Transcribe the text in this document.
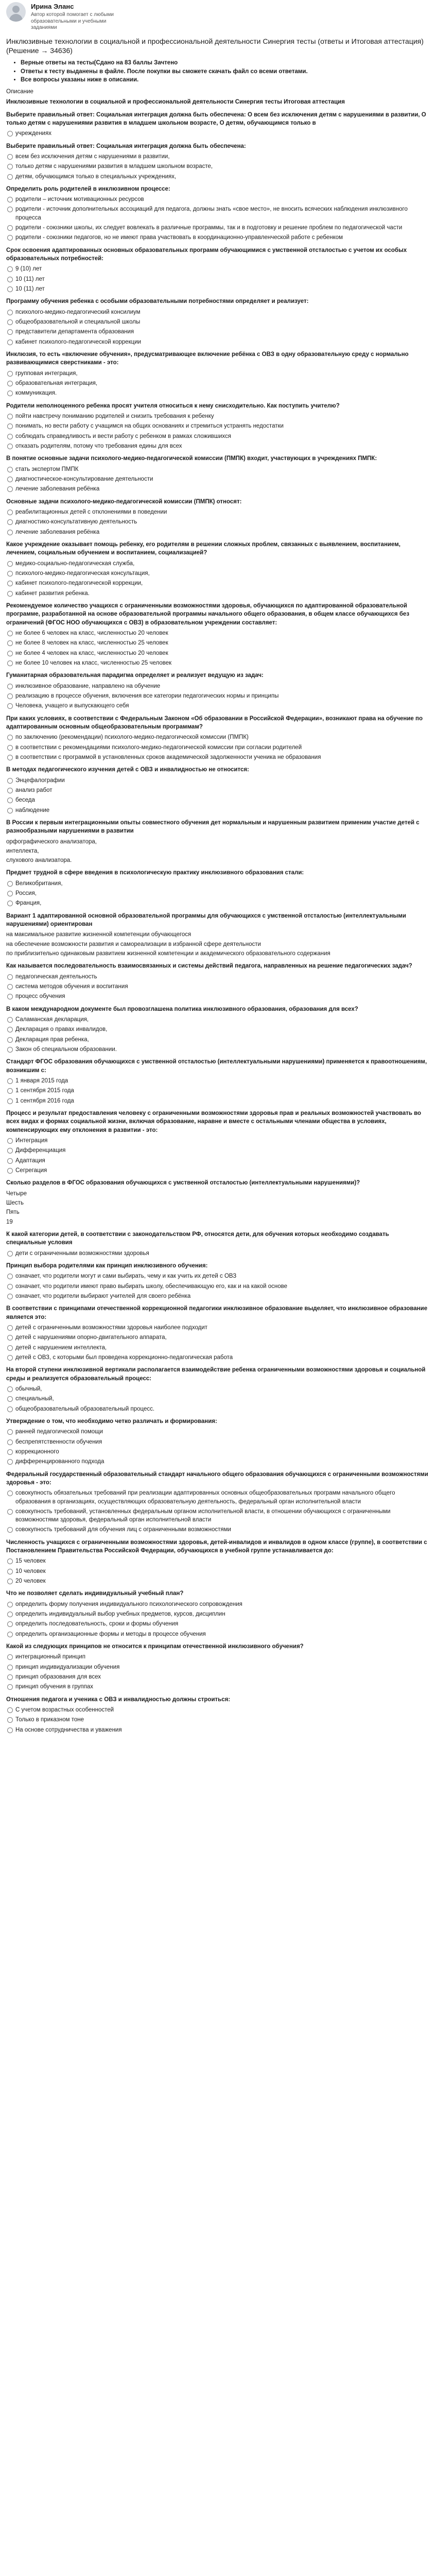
Ирина Эланс
Автор которой помогает с любыми образовательными и учебными заданиями
Инклюзивные технологии в социальной и профессиональной деятельности Синергия тесты (ответы и Итоговая аттестация) (Решение → 34636)
• Верные ответы на тесты(Сдано на 83 баллы Зачтено
• Ответы к тесту выданены в файле. После покупки вы сможете скачать файл со всеми ответами.
• Все вопросы указаны ниже в описании.
Описание
Инклюзивные технологии в социальной и профессиональной деятельности Синергия тесты Итоговая аттестация
Выберите правильный ответ: Социальная интеграция должна быть обеспечена: О всем без исключения детям с нарушениями в развитии, О только детям с нарушениями развития в младшем школьном возрасте, О детям, обучающимся только в
учреждениях
Выберите правильный ответ: Социальная интеграция должна быть обеспечена:
всем без исключения детям с нарушениями в развитии,
только детям с нарушениями развития в младшем школьном возрасте,
детям, обучающимся только в специальных учреждениях,
Определить роль родителей в инклюзивном процессе:
родители – источник мотивационных ресурсов
родители - источник дополнительных ассоциаций для педагога, должны знать «свое место», не вносить всяческих наблюдения инклюзивного процесса
родители - союзники школы, их следует вовлекать в различные программы, так и в подготовку и решение проблем по педагогической части
родители - союзники педагогов, но не имеют права участвовать в координационно-управленческой работе с ребенком
Срок освоения адаптированных основных образовательных программ обучающимися с умственной отсталостью с учетом их особых образовательных потребностей:
9 (10) лет
10 (11) лет
10 (11) лет
Программу обучения ребенка с особыми образовательными потребностями определяет и реализует:
психолого-медико-педагогический консилиум
общеобразовательной и специальной школы
представители департамента образования
кабинет психолого-педагогической коррекции
Инклюзия, то есть «включение обучения», предусматривающее включение ребёнка с ОВЗ в одну образовательную среду с нормально развивающимися сверстниками - это:
групповая интеграция,
образовательная интеграция,
коммуникация.
Родители неполноценного ребенка просят учителя относиться к нему снисходительно. Как поступить учителю?
пойти навстречу пониманию родителей и снизить требования к ребенку
понимать, но вести работу с учащимся на общих основаниях и стремиться устранять недостатки
соблюдать справедливость и вести работу с ребенком в рамках сложившихся
отказать родителям, потому что требования едины для всех
В понятие основные задачи психолого-медико-педагогической комиссии (ПМПК) входит, участвующих в учреждениях ПМПК:
стать экспертом ПМПК
диагностическое-консультирование деятельности
лечение заболевания ребёнка
Основные задачи психолого-медико-педагогической комиссии (ПМПК) относят:
реабилитационных детей с отклонениями в поведении
диагностико-консультативную деятельность
лечение заболевания ребёнка
Какое учреждение оказывает помощь ребенку, его родителям в решении сложных проблем, связанных с выявлением, воспитанием, лечением, социальным обучением и воспитанием, социализацией?
медико-социально-педагогическая служба,
психолого-медико-педагогическая консультация,
кабинет психолого-педагогической коррекции,
кабинет развития ребенка.
Рекомендуемое количество учащихся с ограниченными возможностями здоровья, обучающихся по адаптированной образовательной программе, разработанной на основе образовательной программы начального общего образования, в общем классе обучающихся без ограничений (ФГОС НОО обучающихся с ОВЗ) в образовательном учреждении составляет:
не более 6 человек на класс, численностью 20 человек
не более 8 человек на класс, численностью 25 человек
не более 4 человек на класс, численностью 20 человек
не более 10 человек на класс, численностью 25 человек
Гуманитарная образовательная парадигма определяет и реализует ведущую из задач:
инклюзивное образование, направлено на обучение
реализацию в процессе обучения, включения все категории педагогических нормы и принципы
Человека, учащего и выпускающего себя
При каких условиях, в соответствии с Федеральным Законом «Об образовании в Российской Федерации», возникают права на обучение по адаптированным основным общеобразовательным программам?
по заключению (рекомендации) психолого-медико-педагогической комиссии (ПМПК)
в соответствии с рекомендациями психолого-медико-педагогической комиссии при согласии родителей
в соответствии с программой в установленных сроков академической задолженности ученика не образования
В методах педагогического изучения детей с ОВЗ и инвалидностью не относится:
Энцефалографии
анализ работ
беседа
наблюдение
В России к первым интеграционными опыты совместного обучения дет нормальным и нарушенным развитием применим участие детей с разнообразными нарушениями в развитии
орфографического анализатора,
интеллекта,
слухового анализатора.
Предмет трудной в сфере введения в психологическую практику инклюзивного образования стали:
Великобритания,
Россия,
Франция,
Вариант 1 адаптированной основной образовательной программы для обучающихся с умственной отсталостью (интеллектуальными нарушениями) ориентирован
на максимальное развитие жизненной компетенции обучающегося
на обеспечение возможности развития и самореализации в избранной сфере деятельности
по приблизительно одинаковым развитием жизненной компетенции и академического образовательного содержания
Как называется последовательность взаимосвязанных и системы действий педагога, направленных на решение педагогических задач?
педагогическая деятельность
система методов обучения и воспитания
процесс обучения
В каком международном документе был провозглашена политика инклюзивного образования, образования для всех?
Саламанская декларация,
Декларация о правах инвалидов,
Декларация прав ребенка,
Закон об специальном образовании.
Стандарт ФГОС образования обучающихся с умственной отсталостью (интеллектуальными нарушениями) применяется к правоотношениям, возникшим с:
1 января 2015 года
1 сентября 2015 года
1 сентября 2016 года
Процесс и результат предоставления человеку с ограниченными возможностями здоровья прав и реальных возможностей участвовать во всех видах и формах социальной жизни, включая образование, наравне и вместе с остальными членами общества в условиях, компенсирующих ему отклонения в развитии - это:
Интеграция
Дифференциация
Адаптация
Сегрегация
Сколько разделов в ФГОС образования обучающихся с умственной отсталостью (интеллектуальными нарушениями)?
Четыре
Шесть
Пять
19
К какой категории детей, в соответствии с законодательством РФ, относятся дети, для обучения которых необходимо создавать специальные условия
дети с ограниченными возможностями здоровья
Принцип выбора родителями как принцип инклюзивного обучения:
означает, что родители могут и сами выбирать, чему и как учить их детей с ОВЗ
означает, что родители имеют право выбирать школу, обеспечивающую его, как и на какой основе
означает, что родители выбирают учителей для своего ребёнка
В соответствии с принципами отечественной коррекционной педагогики инклюзивное образование выделяет, что инклюзивное образование является это:
детей с ограниченными возможностями здоровья наиболее подходит
детей с нарушениями опорно-двигательного аппарата,
детей с нарушением интеллекта,
детей с ОВЗ, с которыми был проведена коррекционно-педагогическая работа
На второй ступени инклюзивной вертикали располагается взаимодействие ребенка ограниченными возможностями здоровья и социальной среды и реализуется образовательный процесс:
обычный,
специальный,
общеобразовательный образовательный процесс.
Утверждение о том, что необходимо четко различать и формирования:
ранней педагогической помощи
беспрепятственности обучения
коррекционного
дифференцированного подхода
Федеральный государственный образовательный стандарт начального общего образования обучающихся с ограниченными возможностями здоровья - это:
совокупность обязательных требований при реализации адаптированных основных общеобразовательных программ начального общего образования в организациях, осуществляющих образовательную деятельность, федеральный орган исполнительной власти
совокупность требований, установленных федеральным органом исполнительной власти, в отношении обучающихся с ограниченными возможностями здоровья, федеральный орган исполнительной власти
совокупность требований для обучения лиц с ограниченными возможностями
Численность учащихся с ограниченными возможностями здоровья, детей-инвалидов и инвалидов в одном классе (группе), в соответствии с Постановлением Правительства Российской Федерации, обучающихся в учебной группе устанавливается до:
15 человек
10 человек
20 человек
Что не позволяет сделать индивидуальный учебный план?
определить форму получения индивидуального психологического сопровождения
определить индивидуальный выбор учебных предметов, курсов, дисциплин
определить последовательность, сроки и формы обучения
определить организационные формы и методы в процессе обучения
Какой из следующих принципов не относится к принципам отечественной инклюзивного обучения?
интеграционный принцип
принцип индивидуализации обучения
принцип образования для всех
принцип обучения в группах
Отношения педагога и ученика с ОВЗ и инвалидностью должны строиться:
С учетом возрастных особенностей
Только в приказном тоне
На основе сотрудничества и уважения
